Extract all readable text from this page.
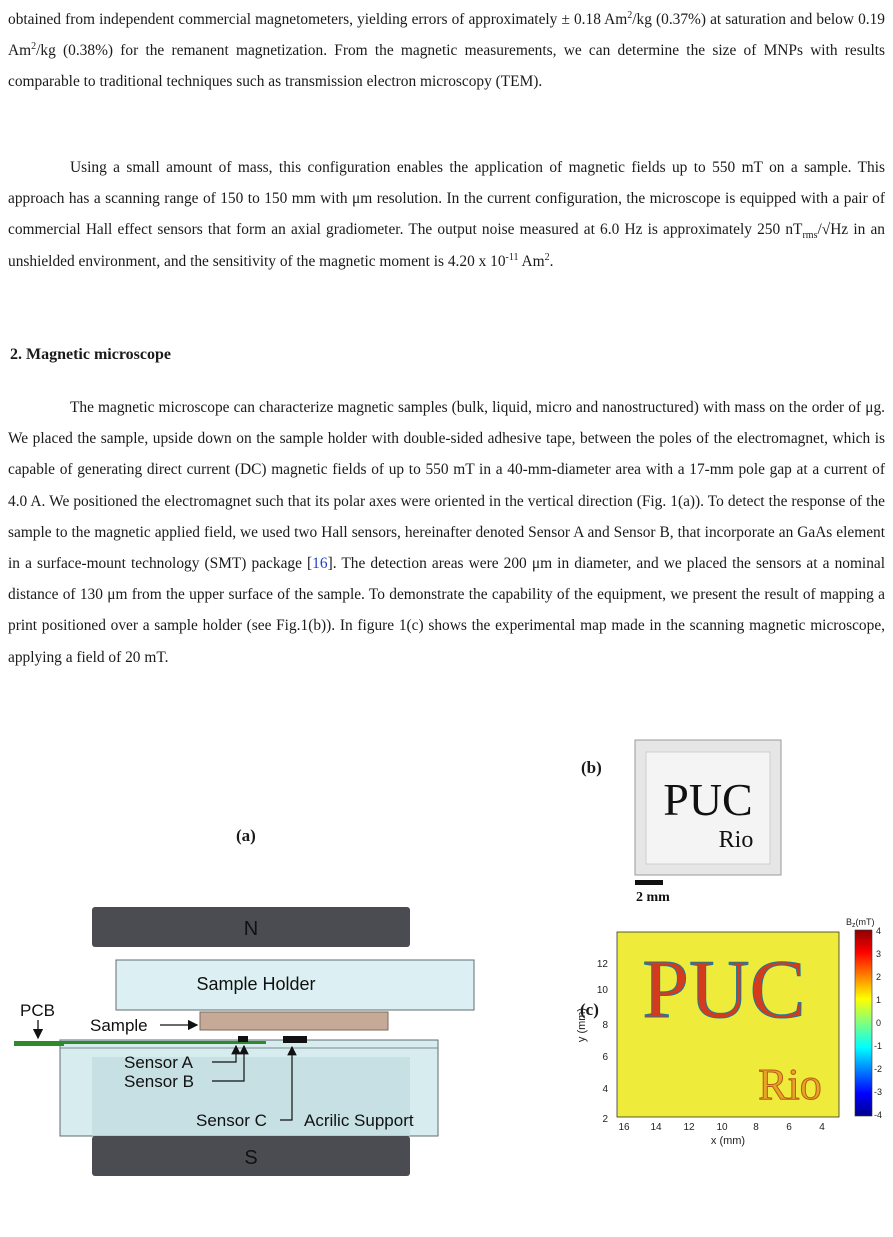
obtained from independent commercial magnetometers, yielding errors of approximately ± 0.18 Am$^2$/kg (0.37%) at saturation and below 0.19 Am$^2$/kg (0.38%) for the remanent magnetization. From the magnetic measurements, we can determine the size of MNPs with results comparable to traditional techniques such as transmission electron microscopy (TEM).

Using a small amount of mass, this configuration enables the application of magnetic fields up to 550 mT on a sample. This approach has a scanning range of 150 to 150 mm with μm resolution. In the current configuration, the microscope is equipped with a pair of commercial Hall effect sensors that form an axial gradiometer. The output noise measured at 6.0 Hz is approximately 250 $nT_{rms}/√Hz$ in an unshielded environment, and the sensitivity of the magnetic moment is 4.20 x $10^{-11}$ Am$^2$.

2. Magnetic microscope

The magnetic microscope can characterize magnetic samples (bulk, liquid, micro and nanostructured) with mass on the order of μg. We placed the sample, upside down on the sample holder with double-sided adhesive tape, between the poles of the electromagnet, which is capable of generating direct current (DC) magnetic fields of up to 550 mT in a 40-mm-diameter area with a 17-mm pole gap at a current of 4.0 A. We positioned the electromagnet such that its polar axes were oriented in the vertical direction (Fig. 1(a)). To detect the response of the sample to the magnetic applied field, we used two Hall sensors, hereinafter denoted Sensor A and Sensor B, that incorporate an GaAs element in a surface-mount technology (SMT) package [16]. The detection areas were 200 μm in diameter, and we placed the sensors at a nominal distance of 130 μm from the upper surface of the sample. To demonstrate the capability of the equipment, we present the result of mapping a print positioned over a sample holder (see Fig.1(b)). In figure 1(c) shows the experimental map made in the scanning magnetic microscope, applying a field of 20 mT.

(a)
(b)
(c)
N
Sample Holder
Sample
PCB
Sensor A
Sensor B
Sensor C Acrilic Support
S
PUC
Rio
2 mm
PUC
Rio
12
10
8
6
4
2
y (mm)
16 14 12 10	8	6	4
x (mm)
$B_z(mT)$
4
3
2
1
0
-1
-2
-3
-4
